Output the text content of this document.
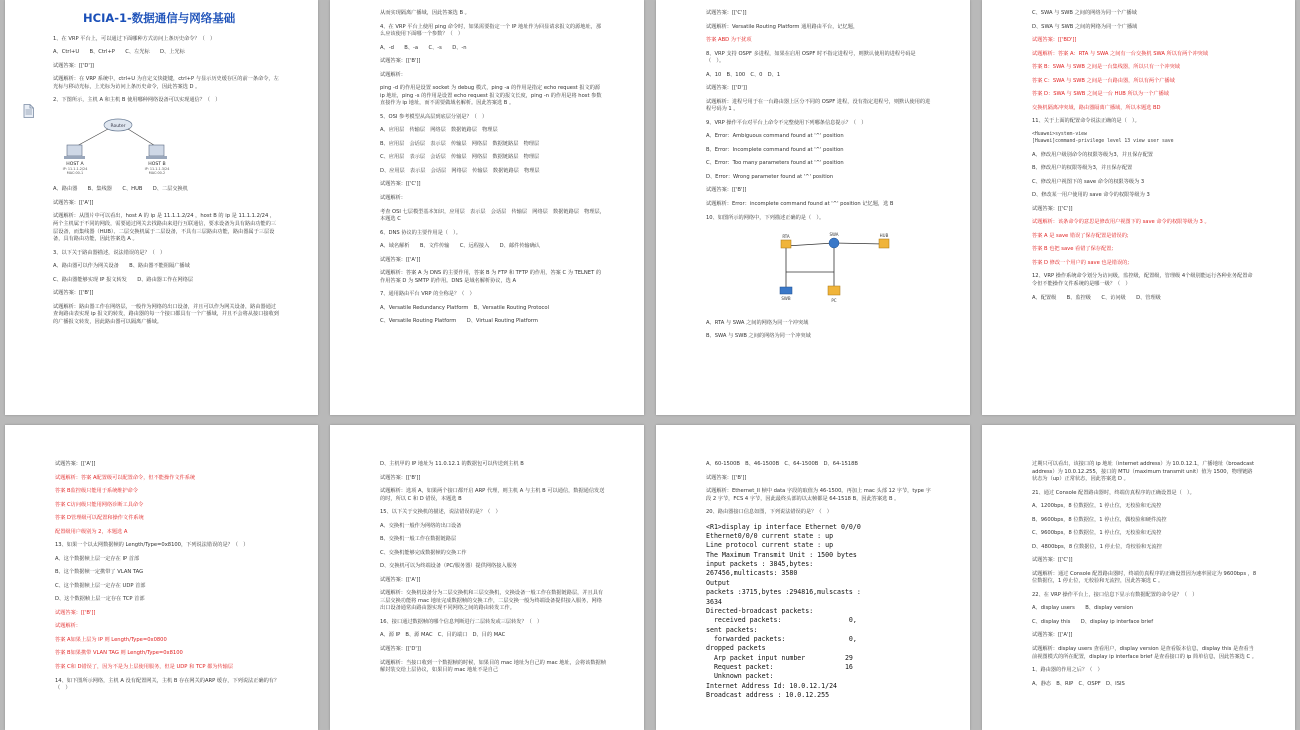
HCIA-1-数据通信与网络基础
1、在 VRP 平台上，可以通过下面哪种方式访问上条历史命令？（　）
A、Ctrl+U　　B、Ctrl+P　　C、左光标　　D、上光标
试题答案：[['D']]
试题解析：在 VRP 系统中，ctrl+U 为自定义快捷键，ctrl+P 与显示历史缓存区的前一条命令，左光标与移动光标，上光标为访问上条历史命令，因此答案选 D 。
2、下图所示，主机 A 和主机 B 使用哪种网络设备可以实现通信？（　）
Router
HOST A
IP: 11.1.1.2/24
MAC:00-1
HOST B
IP: 11.1.1.3/24
MAC:00-2
A、路由器　　B、集线器　　C、HUB　　D、二层交换机
试题答案：[['A']]
试题解析：从图片中可以看出，host A 的 ip 是 11.1.1.2/24 ，host B 的 ip 是 11.1.1.2/24 ，两个主机属于不同的网段，需要通过网关去找路由来进行互联通信，要求设备为具有路由功能的三层设备，而集线器（HUB）、二层交换机属于二层设备，不具有三层路由功能，路由器属于三层设备，具有路由功能，因此答案选 A 。
3、以下关于路由器描述，说法错误的是？（　）
A、路由器可以作为网关设备　　B、路由器不能阻隔广播域
C、路由器能够实现 IP 报文转发　　D、路由器工作在网络层
试题答案：[['B']]
试题解析：路由器工作在网络层，一般作为网络的出口设备，并且可以作为网关设备，路由器通过查询路由表实现 ip 报文的转发，路由器的每一个接口都具有一个广播域，并且不会将从接口接收到的广播报文转发，因此路由器可以隔离广播域。
从而实现隔离广播域，因此答案选 B 。
4、在 VRP 平台上使用 ping 命令时，如果需要指定一个 IP 地址作为回显请求报文的源地址，那么应该使用下面哪一个参数？（　）
A、-d　　B、-a　　C、-s　　D、-n
试题答案：[['B']]
试题解析：
ping -d 的作用是设置 socket 为 debug 模式，ping -a 的作用是指定 echo request 报文的源 ip 地址，ping -s 的作用是设置 echo request 报文的报文长度，ping -n 的作用是将 host 参数直接作为 ip 地址，而不需要做域名解析。因此答案选 B 。
5、OSI 参考模型从高层到底层分别是？（　）
A、应用层　传输层　网络层　数据链路层　物理层
B、应用层　会话层　表示层　传输层　网络层　数据链路层　物理层
C、应用层　表示层　会话层　传输层　网络层　数据链路层　物理层
D、应用层　表示层　会话层　网络层　传输层　数据链路层　物理层
试题答案：[['C']]
试题解析：
考查 OSI 七层模型基本知识，应用层　表示层　会话层　传输层　网络层　数据链路层　物理层，本题选 C
6、DNS 协议的主要作用是（　）。
A、域名解析　　B、文件传输　　C、远程接入　　D、邮件传输确认
试题答案：[['A']]
试题解析：答案 A 为 DNS 的主要作用，答案 B 为 FTP 和 TFTP 的作用，答案 C 为 TELNET 的作用答案 D 为 SMTP 的作用。DNS 是域名解析协议，选 A
7、通用路由平台 VRP 的全称是？（　）
A、Versatile Redundancy Platform　B、Versatile Routing Protocol
C、Versatile Routing Platform　　D、Virtual Routing Platform
试题答案：[['C']]
试题解析：Versatile Routing Platform 通用路由平台，记忆题，
答案 ABD 为干扰项
8、VRP 支持 OSPF 多进程，如果在启用 OSPF 时不指定进程号，则默认使用的进程号码是（　）。
A、10　B、100　C、0　D、1
试题答案：[['D']]
试题解析：进程号用于在一台路由器上区分不同的 OSPF 进程，没有指定进程号，则默认使用的进程号码为 1 。
9、VRP 操作平台对平台上命令不完整使用下列哪条信息提示？（　）
A、Error：Ambiguous command found at '^' position
B、Error：Incomplete command found at '^' position
C、Error：Too many parameters found at '^' position
D、Error：Wrong parameter found at '^' position
试题答案：[['B']]
试题解析：Error：incomplete command found at '^' position 记忆题，选 B
10、如图所示的网络中，下列描述正确的是（　）。
RTA	SWA	HUB
SWB	PC
A、RTA 与 SWA 之间的网络为同一个冲突域
B、SWA 与 SWB 之间的网络为同一个冲突域
C、SWA 与 SWB 之间的网络为同一个广播域
D、SWA 与 SWB 之间的网络为同一个广播域
试题答案：[['BD']]
试题解析：答案 A：RTA 与 SWA 之间有一台交换机 SWA 所以有两个冲突域
答案 B：SWA 与 SWB 之间是一台集线器，所以只有一个冲突域
答案 C：SWA 与 SWB 之间是一台路由器，所以有两个广播域
答案 D：SWA 与 SWB 之间是一台 HUB 所以为一个广播域
交换机隔离冲突域，路由器隔离广播域，所以本题选 BD
11、关于上面的配置命令说法正确的是（　）。
<Huawei>system-view
[Huawei]command-privilege level 13 view user save
A、修改用户级别命令的权限等级为3，并且保存配置
B、修改用户的权限等级为3，并且保存配置
C、修改用户视图下的 save 命令的权限等级为 3
D、修改某一用户使用的 save 命令的权限等级为 3
试题答案：[['C']]
试题解析：该条命令的意思是修改用户视图下的 save 命令的权限等级为 3 。
答案 A 是 save 错误了保存配置是错误的;
答案 B 也把 save 看错了保存配置;
答案 D 修改一个用户的 save 也是错误的;
12、VRP 操作系统命令划分为访问级，监控级，配置级，管理级 4个级别能运行各种业务配置命令但不能操作文件系统的是哪一级？（　）
A、配置级　　B、监控级　　C、访问级　　D、管理级
试题答案：[['A']]
试题解析：答案 A配置级可以配置命令，但不能操作文件系统
答案 B监控级只能用于系统维护命令
答案 C访问级只能用网络诊断工具命令
答案 D管理级可以配置和操作文件系统
配置级用户级别为 2，本题选 A
13、如果一个以太网数据帧的 Length/Type=0x8100，下列说法错误的是？（　）
A、这个数据帧上层一定存在 IP 首部
B、这个数据帧一定携带了 VLAN TAG
C、这个数据帧上层一定存在 UDP 首部
D、这个数据帧上层一定存在 TCP 首部
试题答案：[['B']]
试题解析：
答案 A如果上层为 IP 则 Length/Type=0x0800
答案 B如果携带 VLAN TAG 则 Length/Type=0x8100
答案 C和 D错误了，因为不是为上层使用服务，但是 UDP 和 TCP 都为传输层
14、如下图所示网络，主机 A 没有配置网关，主机 B 存在网关的ARP 缓存，下列说法正确的有？（　）
D、主机甲的 IP 地址为 11.0.12.1 的数据包可以传送到主机 B
试题答案：[['B']]
试题解析：选项 A，如果两个接口都开启 ARP 代理，则主机 A 与主机 B 可以通信，数据通信发送的时，所以 C 和 D 错误，本题选 B
15、以下关于交换机的描述，说法错误的是？（　）
A、交换机一般作为网络的出口设备
B、交换机一般工作在数据链路层
C、交换机能够完成数据帧的交换工作
D、交换机可以为终端设备（PC/服务器）提供网络接入服务
试题答案：[['A']]
试题解析：交换机设备分为二层交换机和三层交换机，交换设备一般工作在数据链路层，并且具有三层交换功能将 mac 地址完成数据帧的交换工作，二层交换一般为终端设备提供接入服务，网络出口设备通常由路由器实现不同网络之间的路由转发工作。
16、接口通过数据帧的哪个信息判断进行二层转发或三层转发？（　）
A、源 IP　B、源 MAC　C、目的端口　D、目的 MAC
试题答案：[['D']]
试题解析：当接口收到一个数据帧的时候，如果目的 mac 地址为自己的 mac 地址，会将该数据帧解封装交给上层协议，如果目的 mac 地址不是自己
A、60-1500B　B、46-1500B　C、64-1500B　D、64-1518B
试题答案：[['B']]
试题解析：Ethernet_II 帧中 data 字段的取值为 46-1500。再加上 mac 头部 12 字节，type 字段 2 字节，FCS 4 字节，因此最终头部的以太帧都是 64-1518 B，因此答案选 B 。
20、路由器接口信息如图，下列说法错误的是？（　）
<R1>display ip interface Ethernet 0/0/0
Ethernet0/0/0 current state : up
Line protocol current state : up
The Maximum Transmit Unit : 1500 bytes
input packets : 3845,bytes:
267456,multicasts: 3580
Output
packets :3715,bytes :294816,mulscasts :
3634
Directed-broadcast packets:
received packets:                 0,
sent packets:
forwarded packets:                0,
dropped packets
Arp packet input number          29
Request packet:                  16
Unknown packet:
Internet Address Id: 10.0.12.1/24
Broadcast address : 10.0.12.255
过期只可以看出，该接口的 ip 地址（internet address）为 10.0.12.1，广播地址（broadcast address）为 10.0.12.255，接口的 MTU（maximum transmit unit）值为 1500，物理链路状态为（up）正常状态，因此答案选 D 。
21、通过 Console 配置路由器时，终端仿真程序的正确设置是（　）。
A、1200bps，8 位数据位，1 停止位，无校验和无流控
B、9600bps，8 位数据位，1 停止位，偶校验和硬件流控
C、9600bps，8 位数据位，1 停止位，无校验和无流控
D、4800bps，8 位数据位，1 停止位，奇校验和无流控
试题答案：[['C']]
试题解析：通过 Console 配置路由器时，终端仿真程序的正确设置因为速率固定为 9600bps ，8 位数据位，1 停止位，无校验和无流控，因此答案选 C 。
22、在 VRP 操作平台上，接口信息下显示有数据配置的命令是？（　）
A、display users　　B、display version
C、display this　　D、display ip interface brief
试题答案：[['A']]
试题解析：display users 查看用户，display version 是查看版本信息，display this 是查看当前视图模式的所在配置，display ip interface brief 是查看接口的 ip 简单信息，因此答案选 C 。
1、路由器的作用之后？（　）
A、静态　B、RIP　C、OSPF　D、ISIS
